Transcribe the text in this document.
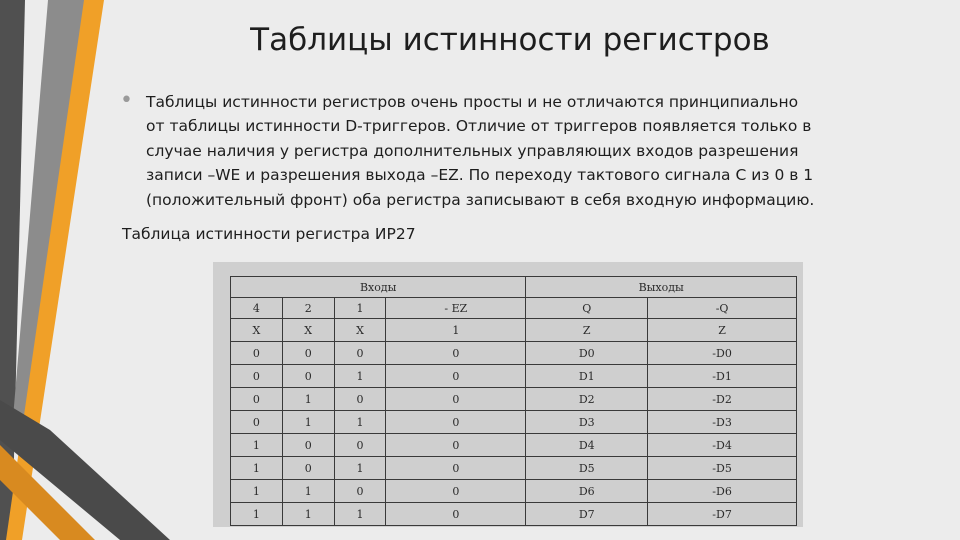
Таблицы истинности регистров
• Таблицы истинности регистров очень просты и не отличаются принципиально
от таблицы истинности D-триггеров. Отличие от триггеров появляется только в
случае наличия у регистра дополнительных управляющих входов разрешения
записи –WE и разрешения выхода –EZ. По переходу тактового сигнала C из 0 в 1
(положительный фронт) оба регистра записывают в себя входную информацию.
Таблица истинности регистра ИР27
Входы				Выходы	
4	2	1	- EZ	Q	-Q
X	X	X	1	Z	Z
0	0	0	0	D0	-D0
0	0	1	0	D1	-D1
0	1	0	0	D2	-D2
0	1	1	0	D3	-D3
1	0	0	0	D4	-D4
1	0	1	0	D5	-D5
1	1	0	0	D6	-D6
1	1	1	0	D7	-D7
